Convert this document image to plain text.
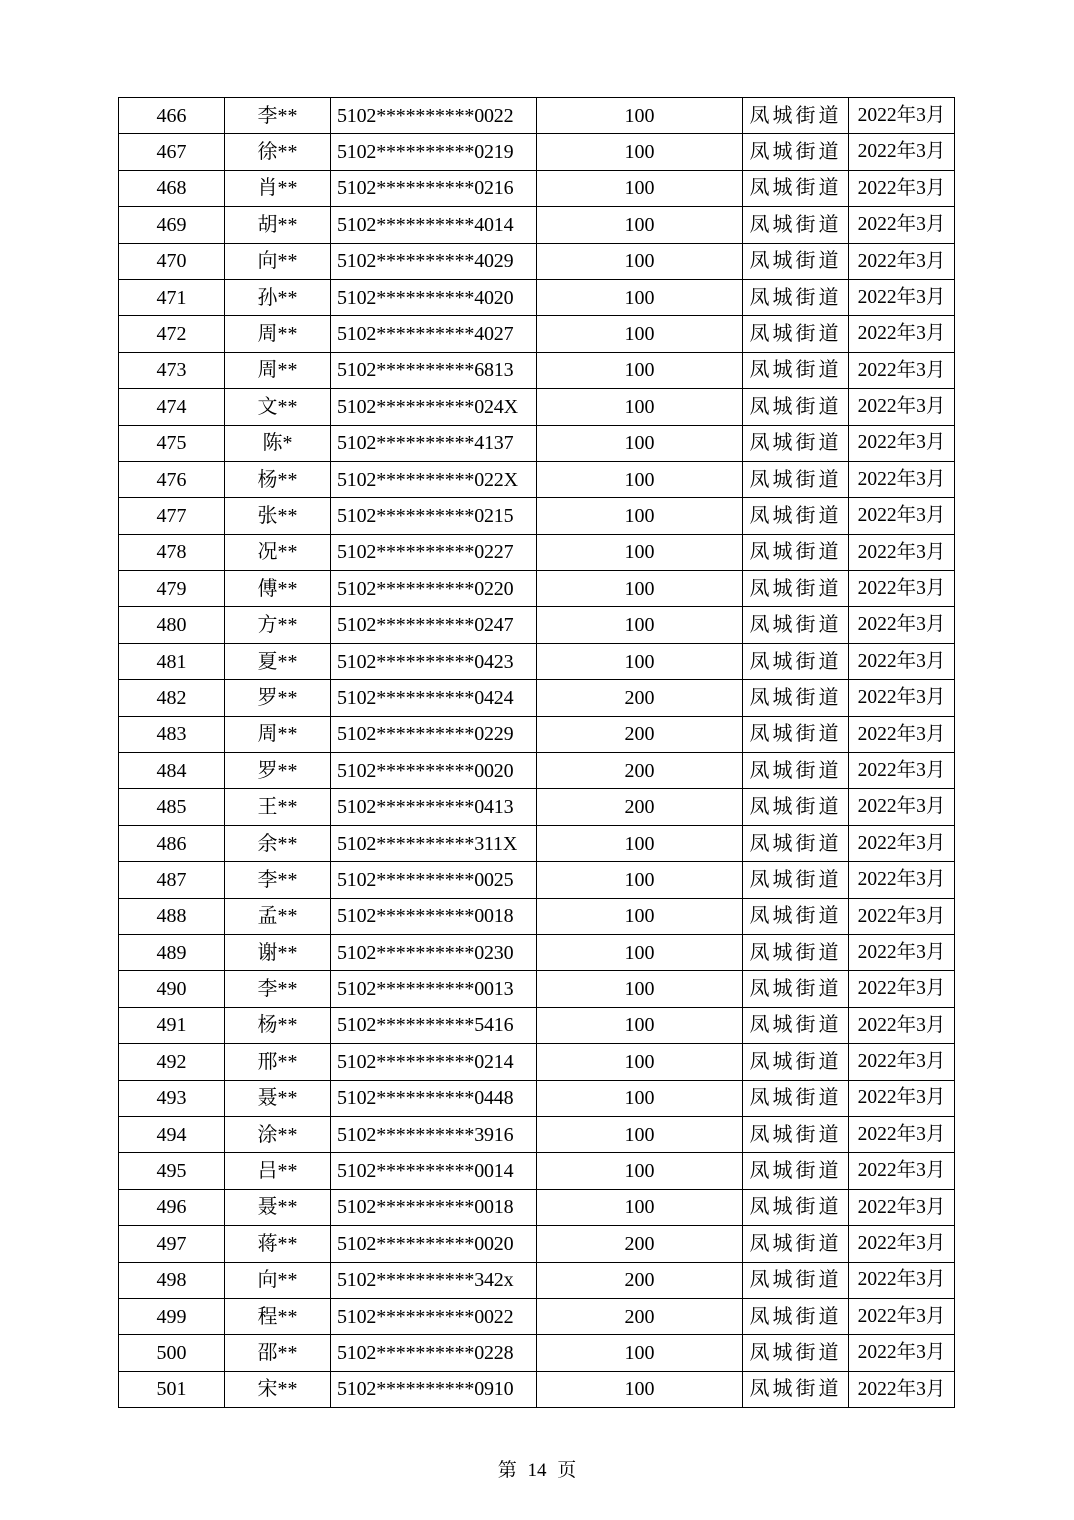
466	李**	5102**********0022	100	凤城街道	2022年3月
467	徐**	5102**********0219	100	凤城街道	2022年3月
468	肖**	5102**********0216	100	凤城街道	2022年3月
469	胡**	5102**********4014	100	凤城街道	2022年3月
470	向**	5102**********4029	100	凤城街道	2022年3月
471	孙**	5102**********4020	100	凤城街道	2022年3月
472	周**	5102**********4027	100	凤城街道	2022年3月
473	周**	5102**********6813	100	凤城街道	2022年3月
474	文**	5102**********024X	100	凤城街道	2022年3月
475	陈*	5102**********4137	100	凤城街道	2022年3月
476	杨**	5102**********022X	100	凤城街道	2022年3月
477	张**	5102**********0215	100	凤城街道	2022年3月
478	况**	5102**********0227	100	凤城街道	2022年3月
479	傅**	5102**********0220	100	凤城街道	2022年3月
480	方**	5102**********0247	100	凤城街道	2022年3月
481	夏**	5102**********0423	100	凤城街道	2022年3月
482	罗**	5102**********0424	200	凤城街道	2022年3月
483	周**	5102**********0229	200	凤城街道	2022年3月
484	罗**	5102**********0020	200	凤城街道	2022年3月
485	王**	5102**********0413	200	凤城街道	2022年3月
486	余**	5102**********311X	100	凤城街道	2022年3月
487	李**	5102**********0025	100	凤城街道	2022年3月
488	孟**	5102**********0018	100	凤城街道	2022年3月
489	谢**	5102**********0230	100	凤城街道	2022年3月
490	李**	5102**********0013	100	凤城街道	2022年3月
491	杨**	5102**********5416	100	凤城街道	2022年3月
492	邢**	5102**********0214	100	凤城街道	2022年3月
493	聂**	5102**********0448	100	凤城街道	2022年3月
494	涂**	5102**********3916	100	凤城街道	2022年3月
495	吕**	5102**********0014	100	凤城街道	2022年3月
496	聂**	5102**********0018	100	凤城街道	2022年3月
497	蒋**	5102**********0020	200	凤城街道	2022年3月
498	向**	5102**********342x	200	凤城街道	2022年3月
499	程**	5102**********0022	200	凤城街道	2022年3月
500	邵**	5102**********0228	100	凤城街道	2022年3月
501	宋**	5102**********0910	100	凤城街道	2022年3月
第 14 页
